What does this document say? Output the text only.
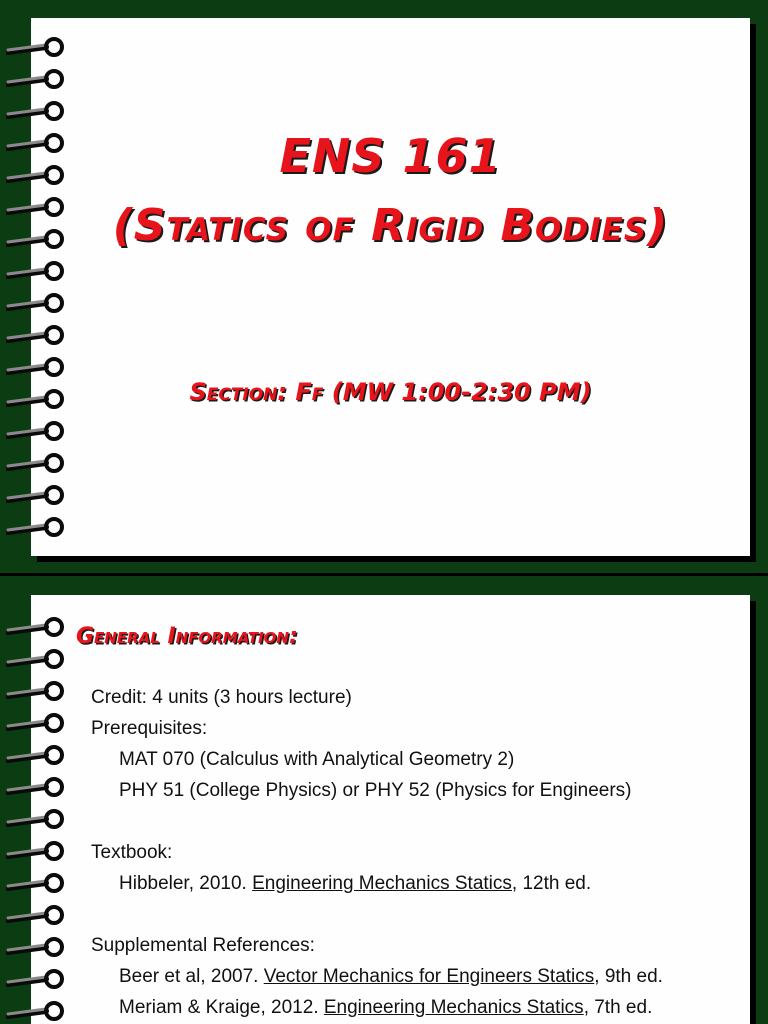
ENS 161
(Statics of Rigid Bodies)
Section: Ff (MW 1:00-2:30 PM)
General Information:
Credit: 4 units (3 hours lecture)
Prerequisites:
MAT 070 (Calculus with Analytical Geometry 2)
PHY 51 (College Physics) or PHY 52 (Physics for Engineers)
Textbook:
Hibbeler, 2010. Engineering Mechanics Statics, 12th ed.
Supplemental References:
Beer et al, 2007. Vector Mechanics for Engineers Statics, 9th ed.
Meriam & Kraige, 2012. Engineering Mechanics Statics, 7th ed.
